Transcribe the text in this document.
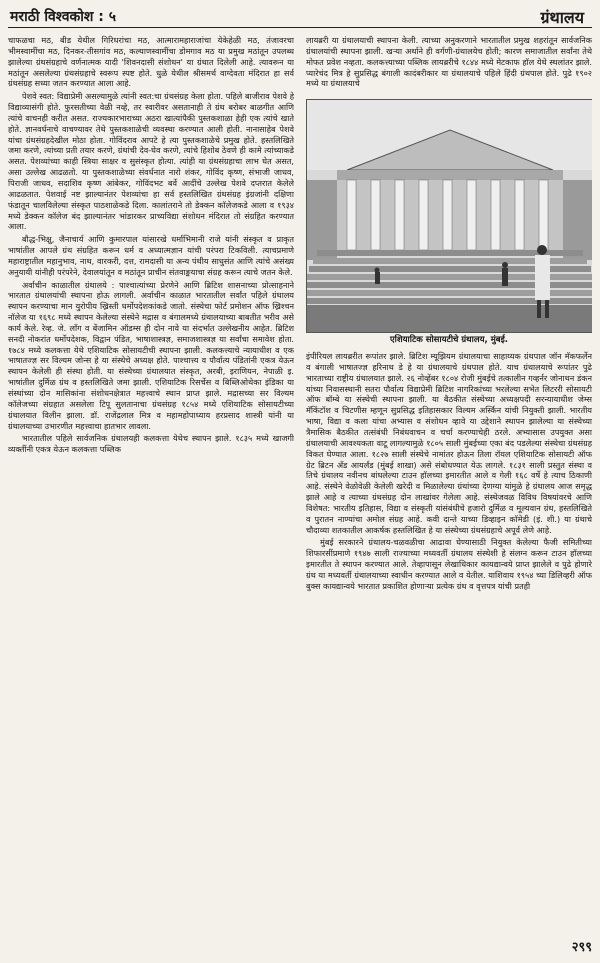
मराठी विश्वकोश : ५	ग्रंथालय

चाफळचा मठ, बीड येथील गिरिधरांचा मठ, आत्मारामहाराजांचा येकेहेळी मठ, तंजावरचा भीमस्वामींचा मठ, दिनकर-तीसगांव मठ, कल्याणस्वामींचा डोमगाव मठ या प्रमुख मठांतून उपलब्ध झालेल्या ग्रंथसंग्रहाचे वर्णनात्मक यादी 'शिवनदासी संशोधन' या ग्रंथात दिलेली आहे. त्यावरून या मठांतून असलेल्या ग्रंथसंग्रहाचे स्वरूप स्पष्ट होते. धुळे येथील श्रीसमर्थ वाग्देवता मंदिरात हा सर्व ग्रंथसंग्रह सध्या जतन करण्यात आला आहे.

पेशवे स्वत: विद्याप्रेमी असल्यामुळे त्यांनी स्वत:चा ग्रंथसंग्रह केला होता. पहिले बाजीराव पेशवे हे विद्याव्यासंगी होते. फुरसतीच्या वेळी नव्हे, तर स्वारीवर असतानाही ते ग्रंथ बरोबर बाळगीत आणि त्यांचे वाचनही करीत असत. राज्यकारभाराच्या अठरा खात्यांपैकी पुस्तकशाळा हेही एक त्यांचे खाते होते. ज्ञानवर्धनाचे वाचण्यावर तेथे पुस्तकशाळेची व्यवस्था करण्यात आली होती. नानासाहेब पेशवे यांचा ग्रंथसंग्रहदेखील मोठा होता. गोविंदराव आपटे हे त्या पुस्तकशाळेचे प्रमुख होते. हस्तलिखिते जमा करणे, त्यांच्या प्रती तयार करणे, ग्रंथांची देव-घेव करणे, त्यांचे हिशोब ठेवणे ही कामे त्यांच्याकडे असत. पेशव्यांच्या काही स्त्रिया साक्षर व सुसंस्कृत होत्या. त्यांही या ग्रंथसंग्रहाचा लाभ घेत असत, असा उल्लेख आढळतो. या पुस्तकशाळेच्या संवर्धनात नारो शंकर, गोविंद कृष्ण, संभाजी जाधव, पिराजी जाधव, सदाशिव कृष्ण आंबेकर, गोविंदभट बर्वे आदींचे उल्लेख पेशवे दप्तरात केलेले आढळतात. पेशवाई नष्ट झाल्यानंतर पेशव्यांचा हा सर्व हस्तलिखित ग्रंथसंग्रह इंग्रजांनी दक्षिणा फंडातून चालविलेल्या संस्कृत पाठशाळेकडे दिला. कालांतराने तो डेक्कन कॉलेजकडे आला व १९३४ मध्ये डेक्कन कॉलेज बंद झाल्यानंतर भांडारकर प्राच्यविद्या संशोधन मंदिरात तो संग्रहित करण्यात आला.

बौद्ध-भिक्षु, जैनाचार्य आणि कुमारपाल यांसारखे धर्माभिमानी राजे यांनी संस्कृत व प्राकृत भाषांतील आपले ग्रंथ संग्रहित करून धर्म व अध्यात्मज्ञान यांची परंपरा टिकविली. त्याचप्रमाणे महाराष्ट्रातील महानुभाव, नाथ, वारकरी, दत्त, रामदासी या अन्य पंथीय साधुसंत आणि त्यांचे असंख्य अनुयायी यांनीही परंपरेने, देवालयांतून व मठांतून प्राचीन संतवाङ्मयाचा संग्रह करून त्याचे जतन केले.

अर्वाचीन काळातील ग्रंथालये : पाश्चात्यांच्या प्रेरणेने आणि ब्रिटिश शासनाच्या प्रोत्साहनाने भारतात ग्रंथालयांची स्थापना होऊ लागली. अर्वाचीन काळात भारतातील सर्वांत पहिले ग्रंथालय स्थापन करण्याचा मान युरोपीय ख्रिस्ती धर्मोपदेशकांकडे जातो. संस्थेचा फोर्ट प्रमोशन ऑफ ख्रिश्चन नॉलेज या १६९८ मध्ये स्थापन केलेल्या संस्थेने मद्रास व बंगालमध्ये ग्रंथालयाच्या बाबतीत भरीव असे कार्य केले. रेव्ह. जे. लॉंग व बेंजामिन ऑडम्स ही दोन नावे या संदर्भात उल्लेखनीय आहेत. ब्रिटिश सनदी नोकरांत धर्मोपदेशक, विद्वान पंडित, भाषाशास्त्रज्ञ, समाजशास्त्रज्ञ या सर्वांचा समावेश होता. १७८४ मध्ये कलकत्ता येथे एशियाटिक सोसायटीची स्थापना झाली. कलकत्त्याचे न्यायाधीश व एक भाषातज्ज्ञ सर विल्यम जोन्स हे या संस्थेचे अध्यक्ष होते. पाश्चात्त्य व पौर्वात्य पंडितांनी एकत्र येऊन स्थापन केलेली ही संस्था होती. या संस्थेच्या ग्रंथालयात संस्कृत, अरबी, इराणियन, नेपाळी इ. भाषांतील दुर्मिळ ग्रंथ व हस्तलिखिते जमा झाली. एशियाटिक रिसर्चेस व बिब्लिओथेका इंडिका या संस्थांच्या दोन मासिकांना संशोधनक्षेत्रात महत्त्वाचे स्थान प्राप्त झाले. मद्रासच्या सर विल्यम कॉलेजच्या संग्रहात असलेला टिपू सुलतानाचा ग्रंथसंग्रह १८५४ मध्ये एशियाटिक सोसायटीच्या ग्रंथालयात विलीन झाला. डॉ. राजेंद्रलाल मित्र व महामहोपाध्याय हरप्रसाद शास्त्री यांनी या ग्रंथालयाच्या उभारणीत महत्त्वाचा हातभार लावला.

भारतातील पहिले सार्वजनिक ग्रंथालयही कलकत्ता येथेच स्थापन झाले. १८३५ मध्ये खाजगी व्यक्तींनी एकत्र येऊन कलकत्ता पब्लिक

लायब्ररी या ग्रंथालयाची स्थापना केली. त्याच्या अनुकरणाने भारतातील प्रमुख शहरांतून सार्वजनिक ग्रंथालयांची स्थापना झाली. खऱ्या अर्थाने ही वर्गणी-ग्रंथालयेच होती; कारण समाजातील सर्वांना तेथे मोफत प्रवेश नव्हता. कलकत्त्याच्या पब्लिक लायब्ररीचे १८४४ मध्ये मेटकाफ हॉल येथे स्थलांतर झाले. प्यारेचंद मित्र हे सुप्रसिद्ध बंगाली कादंबरीकार या ग्रंथालयाचे पहिले हिंदी ग्रंथपाल होते. पुढे १९०२ मध्ये या ग्रंथालयाचे

एशियाटिक सोसायटीचे ग्रंथालय, मुंबई.

इंपीरियल लायब्ररीत रूपांतर झाले. ब्रिटिश म्यूझियम ग्रंथालयाचा साहाय्यक ग्रंथपाल जॉन मॅकफर्लेन व बंगाली भाषातज्ज्ञ हरिनाथ डे हे या ग्रंथालयाचे ग्रंथपाल होते. याच ग्रंथालयाचे रूपांतर पुढे भारताच्या राष्ट्रीय ग्रंथालयात झाले. २६ नोव्हेंबर १८०४ रोजी मुंबईचे तत्कालीन गव्हर्नर जोनाथन डंकन यांच्या निवासस्थानी सतरा पौर्वात्य विद्याप्रेमी ब्रिटिश नागरिकांच्या भरलेल्या सभेत लिटररी सोसायटी ऑफ बॉम्बे या संस्थेची स्थापना झाली. या बैठकीत संस्थेच्या अध्यक्षपदी सरन्यायाधीश जेम्स मॅकिंटॉश व चिटणीस म्हणून सुप्रसिद्ध इतिहासकार विल्यम अर्स्किन यांची नियुक्ती झाली. भारतीय भाषा, विद्या व कला यांचा अभ्यास व संशोधन व्हावे या उद्देशाने स्थापन झालेल्या या संस्थेच्या त्रैमासिक बैठकीत तत्संबंधी निबंधवाचन व चर्चा करण्याचेही ठरले. अभ्यासास उपयुक्त असा ग्रंथालयाची आवश्यकता वाटू लागल्यामुळे १८०५ साली मुंबईच्या एका बंद पडलेल्या संस्थेचा ग्रंथसंग्रह विकत घेण्यात आला. १८२७ साली संस्थेचे नामांतर होऊन तिला रॉयल एशियाटिक सोसायटी ऑफ ग्रेट ब्रिटन अँड आयर्लंड (मुंबई शाखा) असे संबोधण्यात येऊ लागले. १८३१ साली प्रस्तुत संस्था व तिचे ग्रंथालय नवीनच बांधलेल्या टाउन हॉलच्या इमारतीत आले व गेली १६८ वर्षे हे त्याच ठिकाणी आहे. संस्थेने वेळोवेळी केलेली खरेदी व मिळालेल्या ग्रंथांच्या देणग्या यांमुळे हे ग्रंथालय आज समृद्ध झाले आहे व त्याच्या ग्रंथसंग्रह दोन लाखांवर गेलेला आहे. संस्थेजवळ विविध विषयांवरचे आणि विशेषत: भारतीय इतिहास, विद्या व संस्कृती यांसंबंधीचे हजारो दुर्मिळ व मूल्यवान ग्रंथ, हस्तलिखिते व पुरातन नाण्यांचा अमोल संग्रह आहे. कवी दान्ते याच्या डिव्हाइन कॉमेडी (इं. शी.) या ग्रंथाचे चौदाव्या शतकातील आकर्षक हस्तलिखित हे या संस्थेच्या ग्रंथसंग्रहाचे अपूर्व लेणे आहे.

मुंबई सरकारने ग्रंथालय-चळवळीचा आढावा घेण्यासाठी नियुक्त केलेल्या फैजी समितीच्या शिफारसींप्रमाणे १९४७ साली राज्याच्या मध्यवर्ती ग्रंथालय संस्थेशी हे संलग्न करून टाउन हॉलच्या इमारतीत ते स्थापन करण्यात आले. तेव्हापासून लेखाधिकार कायद्यान्वये प्राप्त झालेले व पुढे होणारे ग्रंथ या मध्यवर्ती ग्रंथालयाच्या स्वाधीन करण्यात आले व येतील. याशिवाय १९५४ च्या डिलिव्हरी ऑफ बुक्स कायद्यान्वये भारतात प्रकाशित होणाऱ्या प्रत्येक ग्रंथ व वृत्तपत्र यांची प्रतही

२९९
